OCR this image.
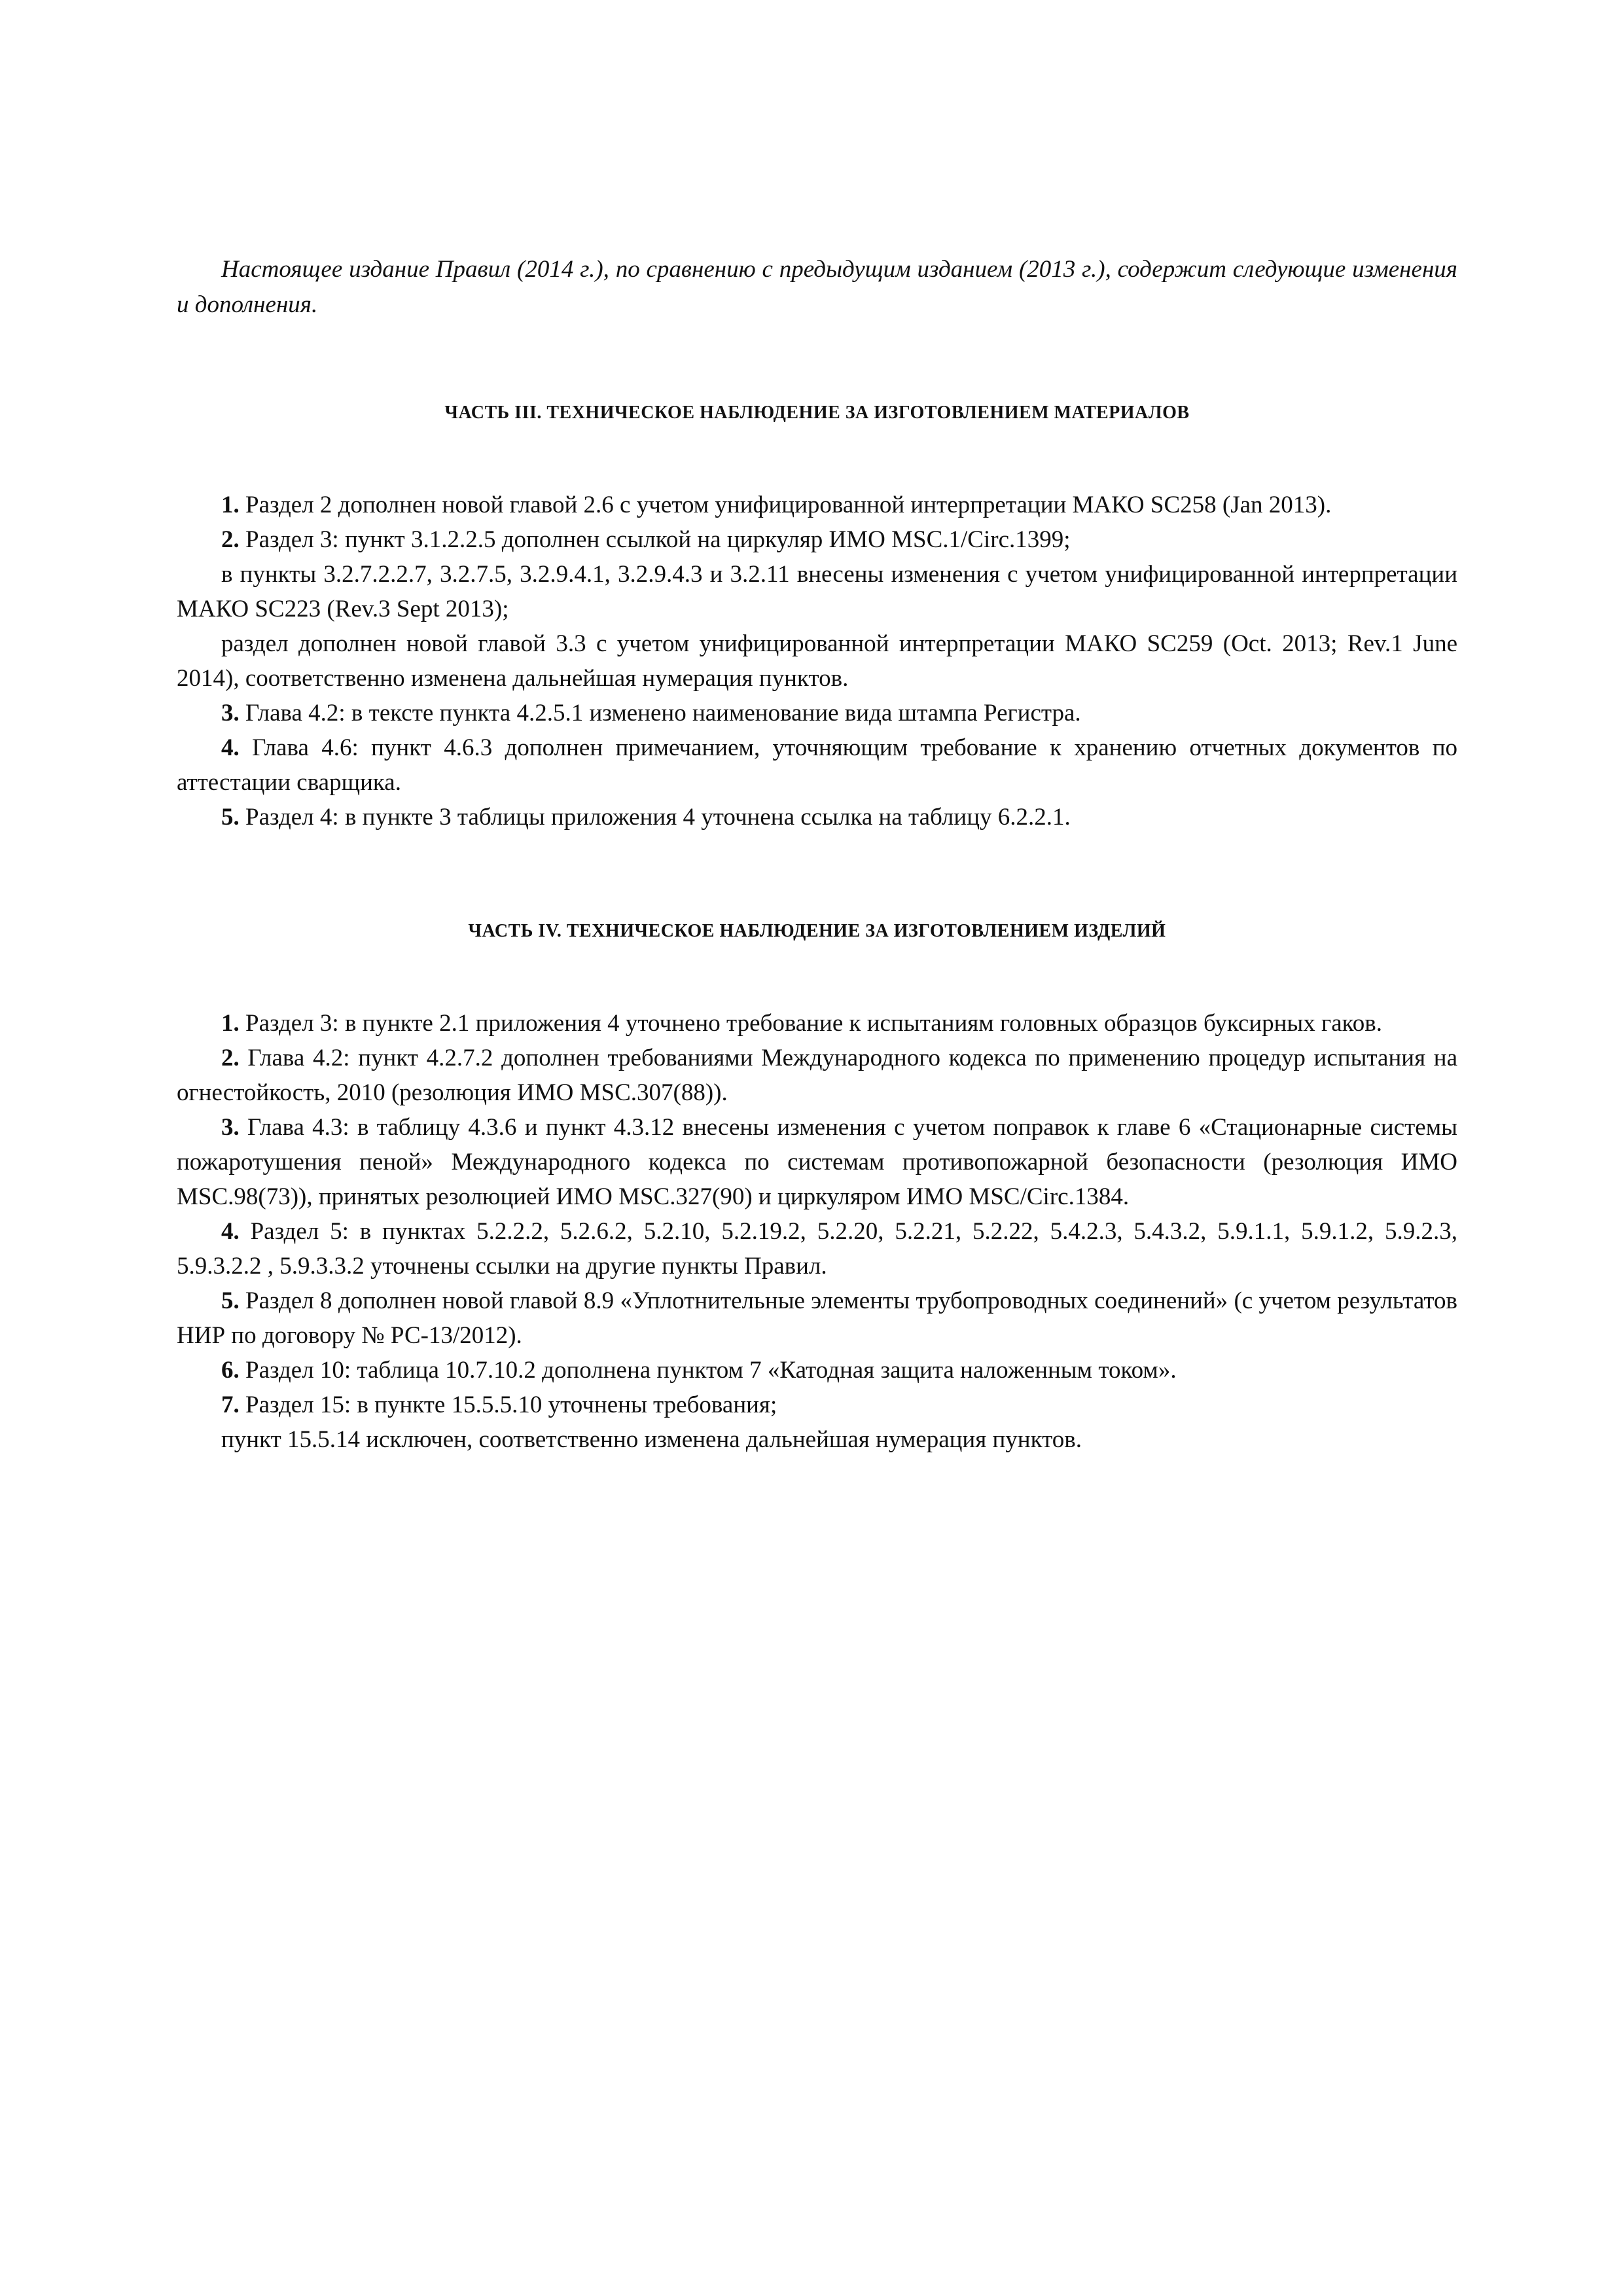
Настоящее издание Правил (2014 г.), по сравнению с предыдущим изданием (2013 г.), содержит следующие изменения и дополнения.

ЧАСТЬ III. ТЕХНИЧЕСКОЕ НАБЛЮДЕНИЕ ЗА ИЗГОТОВЛЕНИЕМ МАТЕРИАЛОВ

1. Раздел 2 дополнен новой главой 2.6 с учетом унифицированной интерпретации МАКО SC258 (Jan 2013).

2. Раздел 3: пункт 3.1.2.2.5 дополнен ссылкой на циркуляр ИМО MSC.1/Circ.1399;

в пункты 3.2.7.2.2.7, 3.2.7.5, 3.2.9.4.1, 3.2.9.4.3 и 3.2.11 внесены изменения с учетом унифицированной интерпретации МАКО SC223 (Rev.3 Sept 2013);

раздел дополнен новой главой 3.3 с учетом унифицированной интерпретации МАКО SC259 (Oct. 2013; Rev.1 June 2014), соответственно изменена дальнейшая нумерация пунктов.

3. Глава 4.2: в тексте пункта 4.2.5.1 изменено наименование вида штампа Регистра.

4. Глава 4.6: пункт 4.6.3 дополнен примечанием, уточняющим требование к хранению отчетных документов по аттестации сварщика.

5. Раздел 4: в пункте 3 таблицы приложения 4 уточнена ссылка на таблицу 6.2.2.1.

ЧАСТЬ IV. ТЕХНИЧЕСКОЕ НАБЛЮДЕНИЕ ЗА ИЗГОТОВЛЕНИЕМ ИЗДЕЛИЙ

1. Раздел 3: в пункте 2.1 приложения 4 уточнено требование к испытаниям головных образцов буксирных гаков.

2. Глава 4.2: пункт 4.2.7.2 дополнен требованиями Международного кодекса по применению процедур испытания на огнестойкость, 2010 (резолюция ИМО MSC.307(88)).

3. Глава 4.3: в таблицу 4.3.6 и пункт 4.3.12 внесены изменения с учетом поправок к главе 6 «Стационарные системы пожаротушения пеной» Международного кодекса по системам противопожарной безопасности (резолюция ИМО MSC.98(73)), принятых резолюцией ИМО MSC.327(90) и циркуляром ИМО MSC/Circ.1384.

4. Раздел 5: в пунктах 5.2.2.2, 5.2.6.2, 5.2.10, 5.2.19.2, 5.2.20, 5.2.21, 5.2.22, 5.4.2.3, 5.4.3.2, 5.9.1.1, 5.9.1.2, 5.9.2.3, 5.9.3.2.2 , 5.9.3.3.2 уточнены ссылки на другие пункты Правил.

5. Раздел 8 дополнен новой главой 8.9 «Уплотнительные элементы трубопроводных соединений» (с учетом результатов НИР по договору № РС-13/2012).

6. Раздел 10: таблица 10.7.10.2 дополнена пунктом 7 «Катодная защита наложенным током».

7. Раздел 15: в пункте 15.5.5.10 уточнены требования;

пункт 15.5.14 исключен, соответственно изменена дальнейшая нумерация пунктов.
